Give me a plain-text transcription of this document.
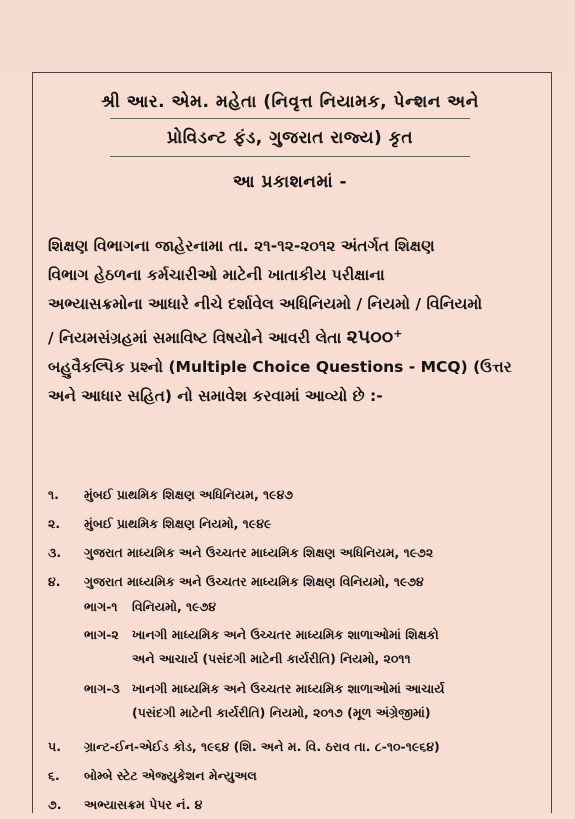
શ્રી આર. એમ. મહેતા (નિવૃત્ત નિયામક, પેન્શન અને
પ્રોવિડન્ટ ફંડ, ગુજરાત રાજ્ય) કૃત
આ પ્રકાશનમાં -
શિક્ષણ વિભાગના જાહેરનામા તા. ૨૧-૧૨-૨૦૧૨ અંતર્ગત શિક્ષણ
વિભાગ હેઠળના કર્મચારીઓ માટેની ખાતાકીય પરીક્ષાના
અભ્યાસક્રમોના આધારે નીચે દર્શાવેલ અધિનિયમો / નિયમો / વિનિયમો
/ નિયમસંગ્રહમાં સમાવિષ્ટ વિષયોને આવરી લેતા ૨૫૦૦+
બહુવૈકલ્પિક પ્રશ્નો (Multiple Choice Questions - MCQ) (ઉત્તર
અને આધાર સહિત) નો સમાવેશ કરવામાં આવ્યો છે :-
૧.	મુંબઈ પ્રાથમિક શિક્ષણ અધિનિયમ, ૧૯૪૭
૨.	મુંબઈ પ્રાથમિક શિક્ષણ નિયમો, ૧૯૪૯
૩.	ગુજરાત માધ્યમિક અને ઉચ્ચતર માધ્યમિક શિક્ષણ અધિનિયમ, ૧૯૭૨
૪.	ગુજરાત માધ્યમિક અને ઉચ્ચતર માધ્યમિક શિક્ષણ વિનિયમો, ૧૯૭૪
ભાગ-૧ વિનિયમો, ૧૯૭૪
ભાગ-૨ ખાનગી માધ્યમિક અને ઉચ્ચતર માધ્યમિક શાળાઓમાં શિક્ષકો
અને આચાર્ય (પસંદગી માટેની કાર્યરીતિ) નિયમો, ૨૦૧૧
ભાગ-૩ ખાનગી માધ્યમિક અને ઉચ્ચતર માધ્યમિક શાળાઓમાં આચાર્ય
(પસંદગી માટેની કાર્યરીતિ) નિયમો, ૨૦૧૭ (મૂળ અંગ્રેજીમાં)
૫.	ગ્રાન્ટ-ઈન-એઈડ કોડ, ૧૯૬૪ (શિ. અને મ. વિ. ઠરાવ તા. ૮-૧૦-૧૯૬૪)
૬.	બોમ્બે સ્ટેટ એજ્યુકેશન મેન્યુઅલ
૭.	અભ્યાસક્રમ પેપર નં. ૪
